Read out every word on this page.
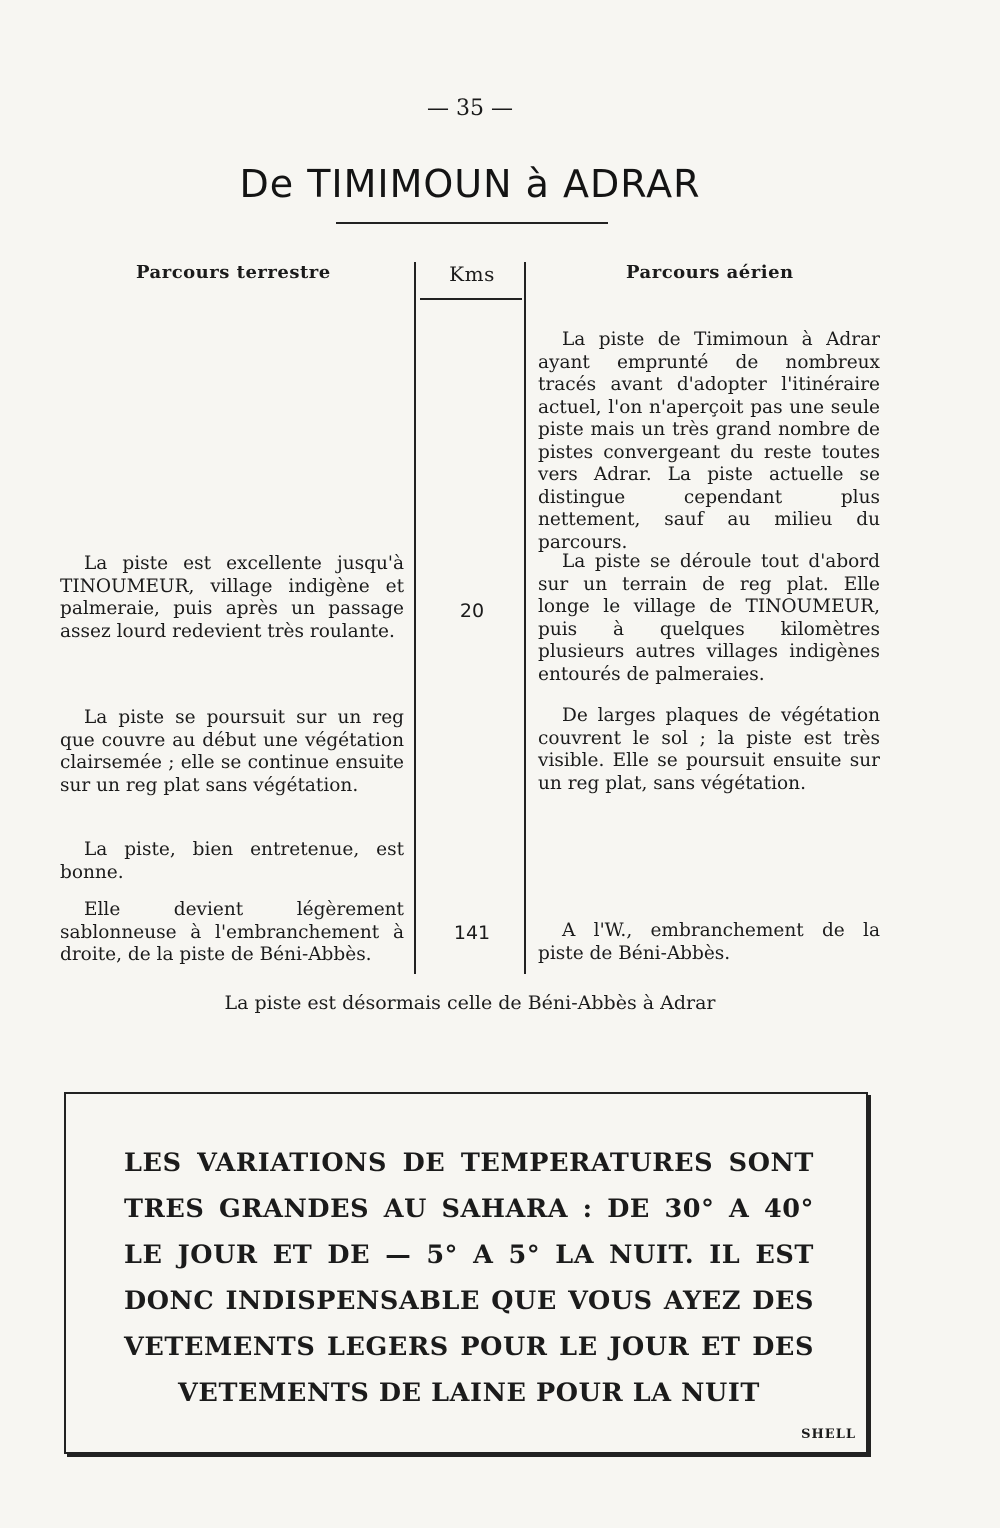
— 35 —
De TIMIMOUN à ADRAR
Parcours terrestre	Kms	Parcours aérien
La piste est excellente jusqu'à TINOUMEUR, village indigène et palmeraie, puis après un passage assez lourd redevient très roulante.
La piste se poursuit sur un reg que couvre au début une végétation clairsemée ; elle se continue ensuite sur un reg plat sans végétation.
La piste, bien entretenue, est bonne.
Elle devient légèrement sablonneuse à l'embranchement à droite, de la piste de Béni-Abbès.
20
141
La piste de Timimoun à Adrar ayant emprunté de nombreux tracés avant d'adopter l'itinéraire actuel, l'on n'aperçoit pas une seule piste mais un très grand nombre de pistes convergeant du reste toutes vers Adrar. La piste actuelle se distingue cependant plus nettement, sauf au milieu du parcours.
La piste se déroule tout d'abord sur un terrain de reg plat. Elle longe le village de TINOUMEUR, puis à quelques kilomètres plusieurs autres villages indigènes entourés de palmeraies.
De larges plaques de végétation couvrent le sol ; la piste est très visible. Elle se poursuit ensuite sur un reg plat, sans végétation.
A l'W., embranchement de la piste de Béni-Abbès.
La piste est désormais celle de Béni-Abbès à Adrar
LES VARIATIONS DE TEMPERATURES SONT TRES GRANDES AU SAHARA : DE 30° A 40° LE JOUR ET DE — 5° A 5° LA NUIT. IL EST DONC INDISPENSABLE QUE VOUS AYEZ DES VETEMENTS LEGERS POUR LE JOUR ET DES VETEMENTS DE LAINE POUR LA NUIT
SHELL
